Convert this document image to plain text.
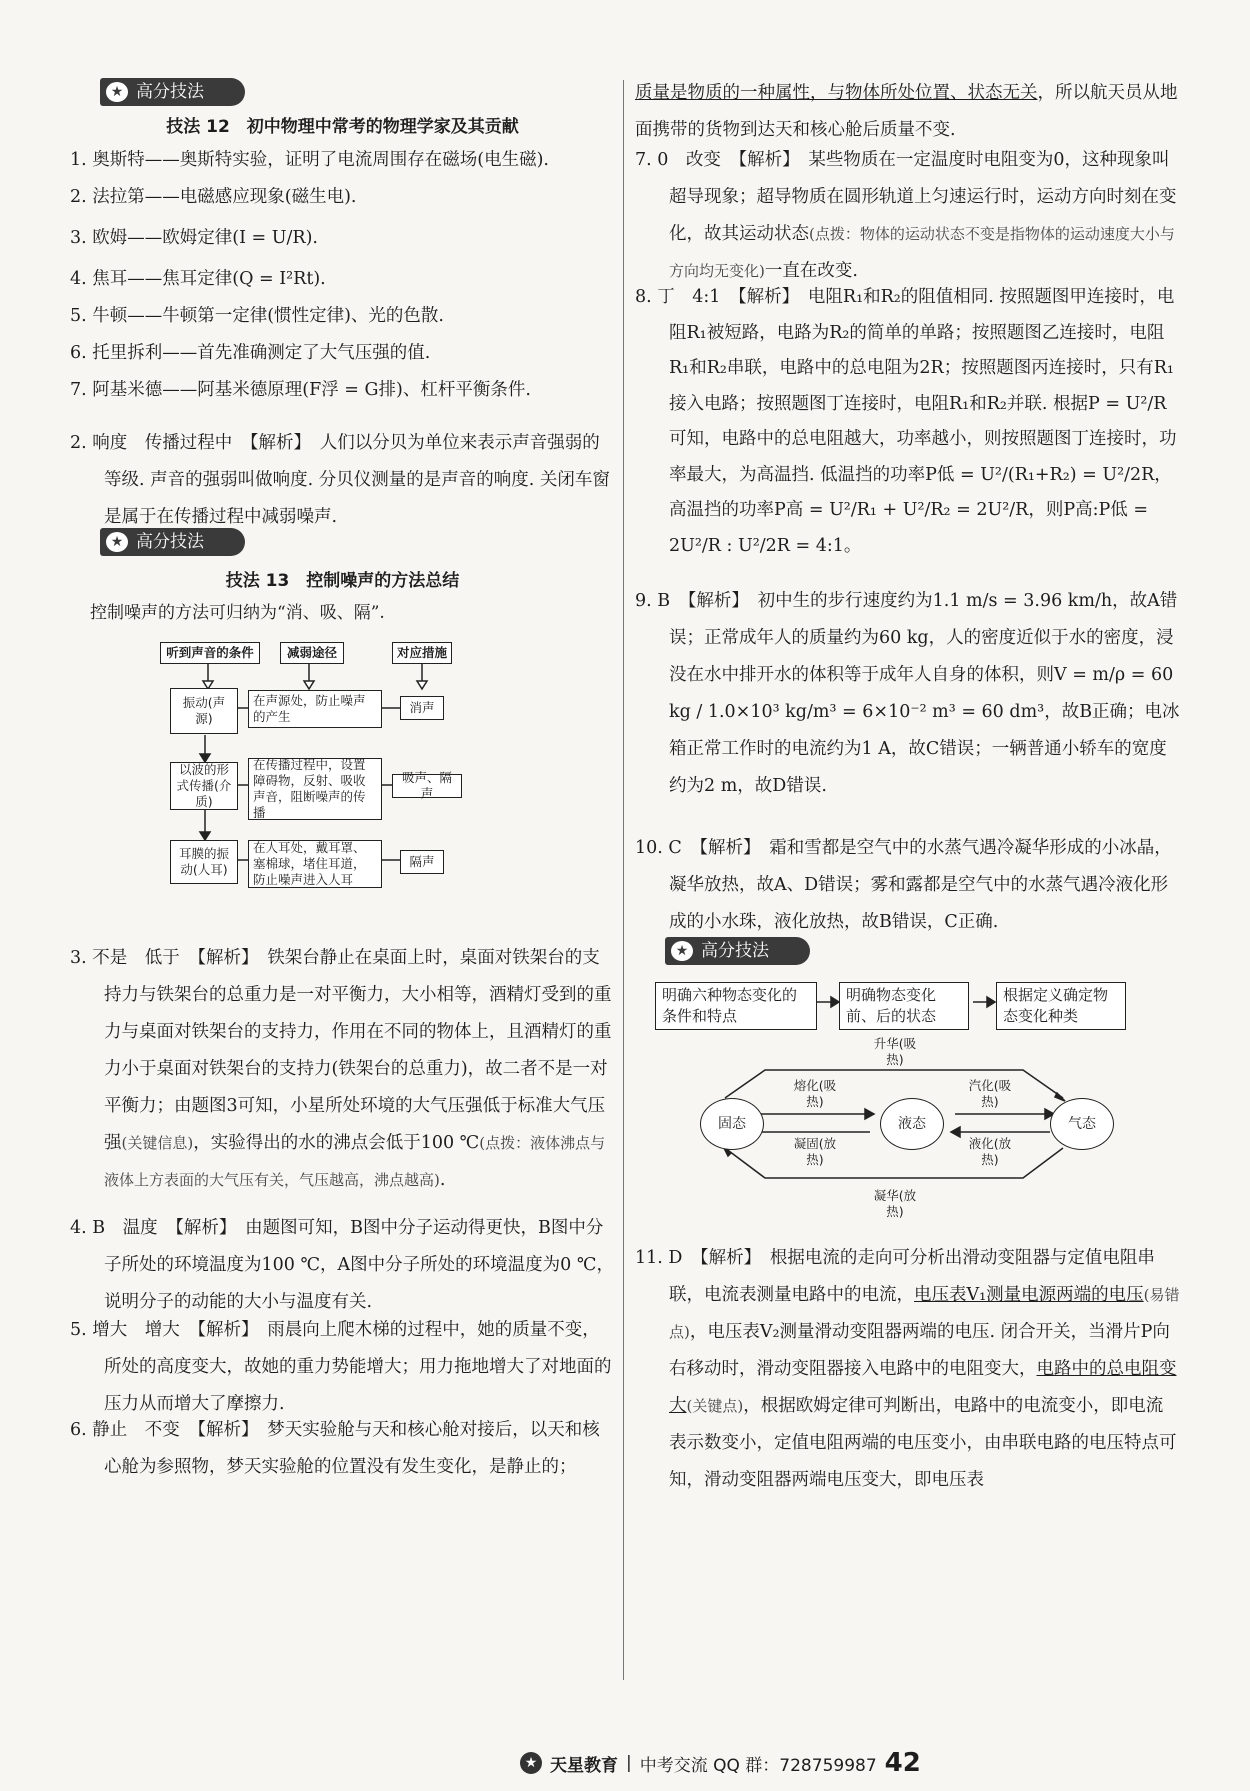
★ 高分技法
技法 12　初中物理中常考的物理学家及其贡献
1. 奥斯特——奥斯特实验，证明了电流周围存在磁场(电生磁).
2. 法拉第——电磁感应现象(磁生电).
3. 欧姆——欧姆定律(I = U/R).
4. 焦耳——焦耳定律(Q = I²Rt).
5. 牛顿——牛顿第一定律(惯性定律)、光的色散.
6. 托里拆利——首先准确测定了大气压强的值.
7. 阿基米德——阿基米德原理(F浮 = G排)、杠杆平衡条件.
2. 响度　传播过程中　【解析】　人们以分贝为单位来表示声音强弱的等级. 声音的强弱叫做响度. 分贝仪测量的是声音的响度. 关闭车窗是属于在传播过程中减弱噪声.
★ 高分技法
技法 13　控制噪声的方法总结
控制噪声的方法可归纳为“消、吸、隔”.
听到声音的条件	减弱途径	对应措施
振动(声源)
以波的形式传播(介质)
耳膜的振动(人耳)
在声源处，防止噪声的产生
在传播过程中，设置障碍物，反射、吸收声音，阻断噪声的传播
在人耳处，戴耳罩、塞棉球，堵住耳道，防止噪声进入人耳
消声
吸声、隔声
隔声
3. 不是　低于　【解析】　铁架台静止在桌面上时，桌面对铁架台的支持力与铁架台的总重力是一对平衡力，大小相等，酒精灯受到的重力与桌面对铁架台的支持力，作用在不同的物体上，且酒精灯的重力小于桌面对铁架台的支持力(铁架台的总重力)，故二者不是一对平衡力；由题图3可知，小星所处环境的大气压强低于标准大气压强(关键信息)，实验得出的水的沸点会低于100 ℃(点拨：液体沸点与液体上方表面的大气压有关，气压越高，沸点越高).
4. B　温度　【解析】　由题图可知，B图中分子运动得更快，B图中分子所处的环境温度为100 ℃，A图中分子所处的环境温度为0 ℃，说明分子的动能的大小与温度有关.
5. 增大　增大　【解析】　雨晨向上爬木梯的过程中，她的质量不变，所处的高度变大，故她的重力势能增大；用力拖地增大了对地面的压力从而增大了摩擦力.
6. 静止　不变　【解析】　梦天实验舱与天和核心舱对接后，以天和核心舱为参照物，梦天实验舱的位置没有发生变化，是静止的；
质量是物质的一种属性，与物体所处位置、状态无关，所以航天员从地面携带的货物到达天和核心舱后质量不变.
7. 0　改变　【解析】　某些物质在一定温度时电阻变为0，这种现象叫超导现象；超导物质在圆形轨道上匀速运行时，运动方向时刻在变化，故其运动状态(点拨：物体的运动状态不变是指物体的运动速度大小与方向均无变化)一直在改变.
8. 丁　4:1　【解析】　电阻R₁和R₂的阻值相同. 按照题图甲连接时，电阻R₁被短路，电路为R₂的简单的单路；按照题图乙连接时，电阻R₁和R₂串联，电路中的总电阻为2R；按照题图丙连接时，只有R₁接入电路；按照题图丁连接时，电阻R₁和R₂并联. 根据P = U²/R可知，电路中的总电阻越大，功率越小，则按照题图丁连接时，功率最大，为高温挡. 低温挡的功率P低 = U²/(R₁+R₂) = U²/2R，高温挡的功率P高 = U²/R₁ + U²/R₂ = 2U²/R，则P高:P低 = 2U²/R : U²/2R = 4:1。
9. B　【解析】　初中生的步行速度约为1.1 m/s = 3.96 km/h，故A错误；正常成年人的质量约为60 kg，人的密度近似于水的密度，浸没在水中排开水的体积等于成年人自身的体积，则V = m/ρ = 60 kg / 1.0×10³ kg/m³ = 6×10⁻² m³ = 60 dm³，故B正确；电冰箱正常工作时的电流约为1 A，故C错误；一辆普通小轿车的宽度约为2 m，故D错误.
10. C　【解析】　霜和雪都是空气中的水蒸气遇冷凝华形成的小冰晶，凝华放热，故A、D错误；雾和露都是空气中的水蒸气遇冷液化形成的小水珠，液化放热，故B错误，C正确.
★ 高分技法
明确六种物态变化的条件和特点
明确物态变化前、后的状态
根据定义确定物态变化种类
固态	液态	气态
升华(吸热)
熔化(吸热)
汽化(吸热)
凝固(放热)
液化(放热)
凝华(放热)
11. D　【解析】　根据电流的走向可分析出滑动变阻器与定值电阻串联，电流表测量电路中的电流，电压表V₁测量电源两端的电压(易错点)，电压表V₂测量滑动变阻器两端的电压. 闭合开关，当滑片P向右移动时，滑动变阻器接入电路中的电阻变大，电路中的总电阻变大(关键点)，根据欧姆定律可判断出，电路中的电流变小，即电流表示数变小，定值电阻两端的电压变小，由串联电路的电压特点可知，滑动变阻器两端电压变大，即电压表
★ 天星教育 | 中考交流 QQ 群：728759987 42
